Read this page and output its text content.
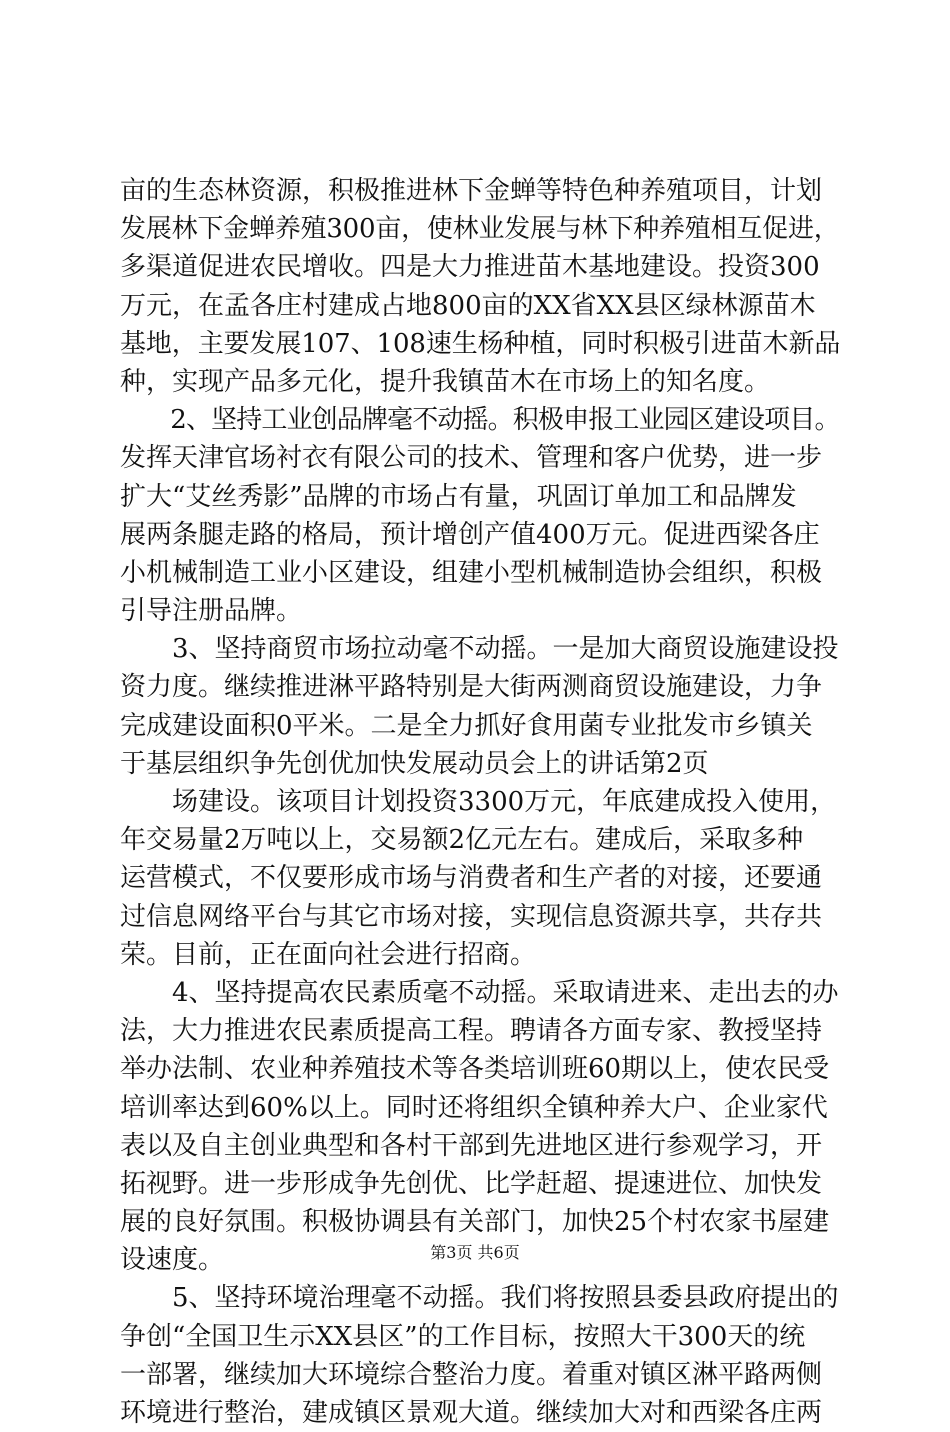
亩的生态林资源，积极推进林下金蝉等特色种养殖项目，计划
发展林下金蝉养殖300亩，使林业发展与林下种养殖相互促进，
多渠道促进农民增收。四是大力推进苗木基地建设。投资300
万元，在孟各庄村建成占地800亩的XX省XX县区绿林源苗木
基地，主要发展107、108速生杨种植，同时积极引进苗木新品
种，实现产品多元化，提升我镇苗木在市场上的知名度。
　　2、坚持工业创品牌毫不动摇。积极申报工业园区建设项目。
发挥天津官场衬衣有限公司的技术、管理和客户优势，进一步
扩大“艾丝秀影”品牌的市场占有量，巩固订单加工和品牌发
展两条腿走路的格局，预计增创产值400万元。促进西梁各庄
小机械制造工业小区建设，组建小型机械制造协会组织，积极
引导注册品牌。
　　3、坚持商贸市场拉动毫不动摇。一是加大商贸设施建设投
资力度。继续推进淋平路特别是大街两测商贸设施建设，力争
完成建设面积0平米。二是全力抓好食用菌专业批发市乡镇关
于基层组织争先创优加快发展动员会上的讲话第2页
　　场建设。该项目计划投资3300万元，年底建成投入使用，
年交易量2万吨以上，交易额2亿元左右。建成后，采取多种
运营模式，不仅要形成市场与消费者和生产者的对接，还要通
过信息网络平台与其它市场对接，实现信息资源共享，共存共
荣。目前，正在面向社会进行招商。
　　4、坚持提高农民素质毫不动摇。采取请进来、走出去的办
法，大力推进农民素质提高工程。聘请各方面专家、教授坚持
举办法制、农业种养殖技术等各类培训班60期以上，使农民受
培训率达到60%以上。同时还将组织全镇种养大户、企业家代
表以及自主创业典型和各村干部到先进地区进行参观学习，开
拓视野。进一步形成争先创优、比学赶超、提速进位、加快发
展的良好氛围。积极协调县有关部门，加快25个村农家书屋建
设速度。
　　5、坚持环境治理毫不动摇。我们将按照县委县政府提出的
争创“全国卫生示XX县区”的工作目标，按照大干300天的统
一部署，继续加大环境综合整治力度。着重对镇区淋平路两侧
环境进行整治，建成镇区景观大道。继续加大对和西梁各庄两
第3页 共6页
